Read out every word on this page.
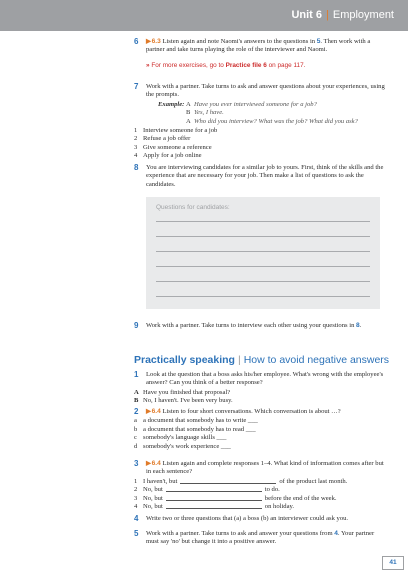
Unit 6 | Employment
6	▶ 6.3 Listen again and note Naomi's answers to the questions in 5. Then work with a partner and take turns playing the role of the interviewer and Naomi.
» For more exercises, go to Practice file 6 on page 117.
7	Work with a partner. Take turns to ask and answer questions about your experiences, using the prompts.
Example: A Have you ever interviewed someone for a job?
B Yes, I have.
A Who did you interview? What was the job? What did you ask?
1 Interview someone for a job
2 Refuse a job offer
3 Give someone a reference
4 Apply for a job online
8	You are interviewing candidates for a similar job to yours. First, think of the skills and the experience that are necessary for your job. Then make a list of questions to ask the candidates.
9	Work with a partner. Take turns to interview each other using your questions in 8.
1	Look at the question that a boss asks his/her employee. What's wrong with the employee's answer? Can you think of a better response?
A Have you finished that proposal?
B No, I haven't. I've been very busy.
2	▶ 6.4 Listen to four short conversations. Which conversation is about …?
a a document that somebody has to write ___
b a document that somebody has to read ___
c somebody's language skills ___
d somebody's work experience ___
3	▶ 6.4 Listen again and complete responses 1–4. What kind of information comes after but in each sentence?
1 I haven't, but	of the product last month.
2 No, but	to do.
3 No, but	before the end of the week.
4 No, but	on holiday.
4	Write two or three questions that (a) a boss (b) an interviewer could ask you.
5	Work with a partner. Take turns to ask and answer your questions from 4. Your partner must say 'no' but change it into a positive answer.
Questions for candidates:
Practically speaking | How to avoid negative answers
41
